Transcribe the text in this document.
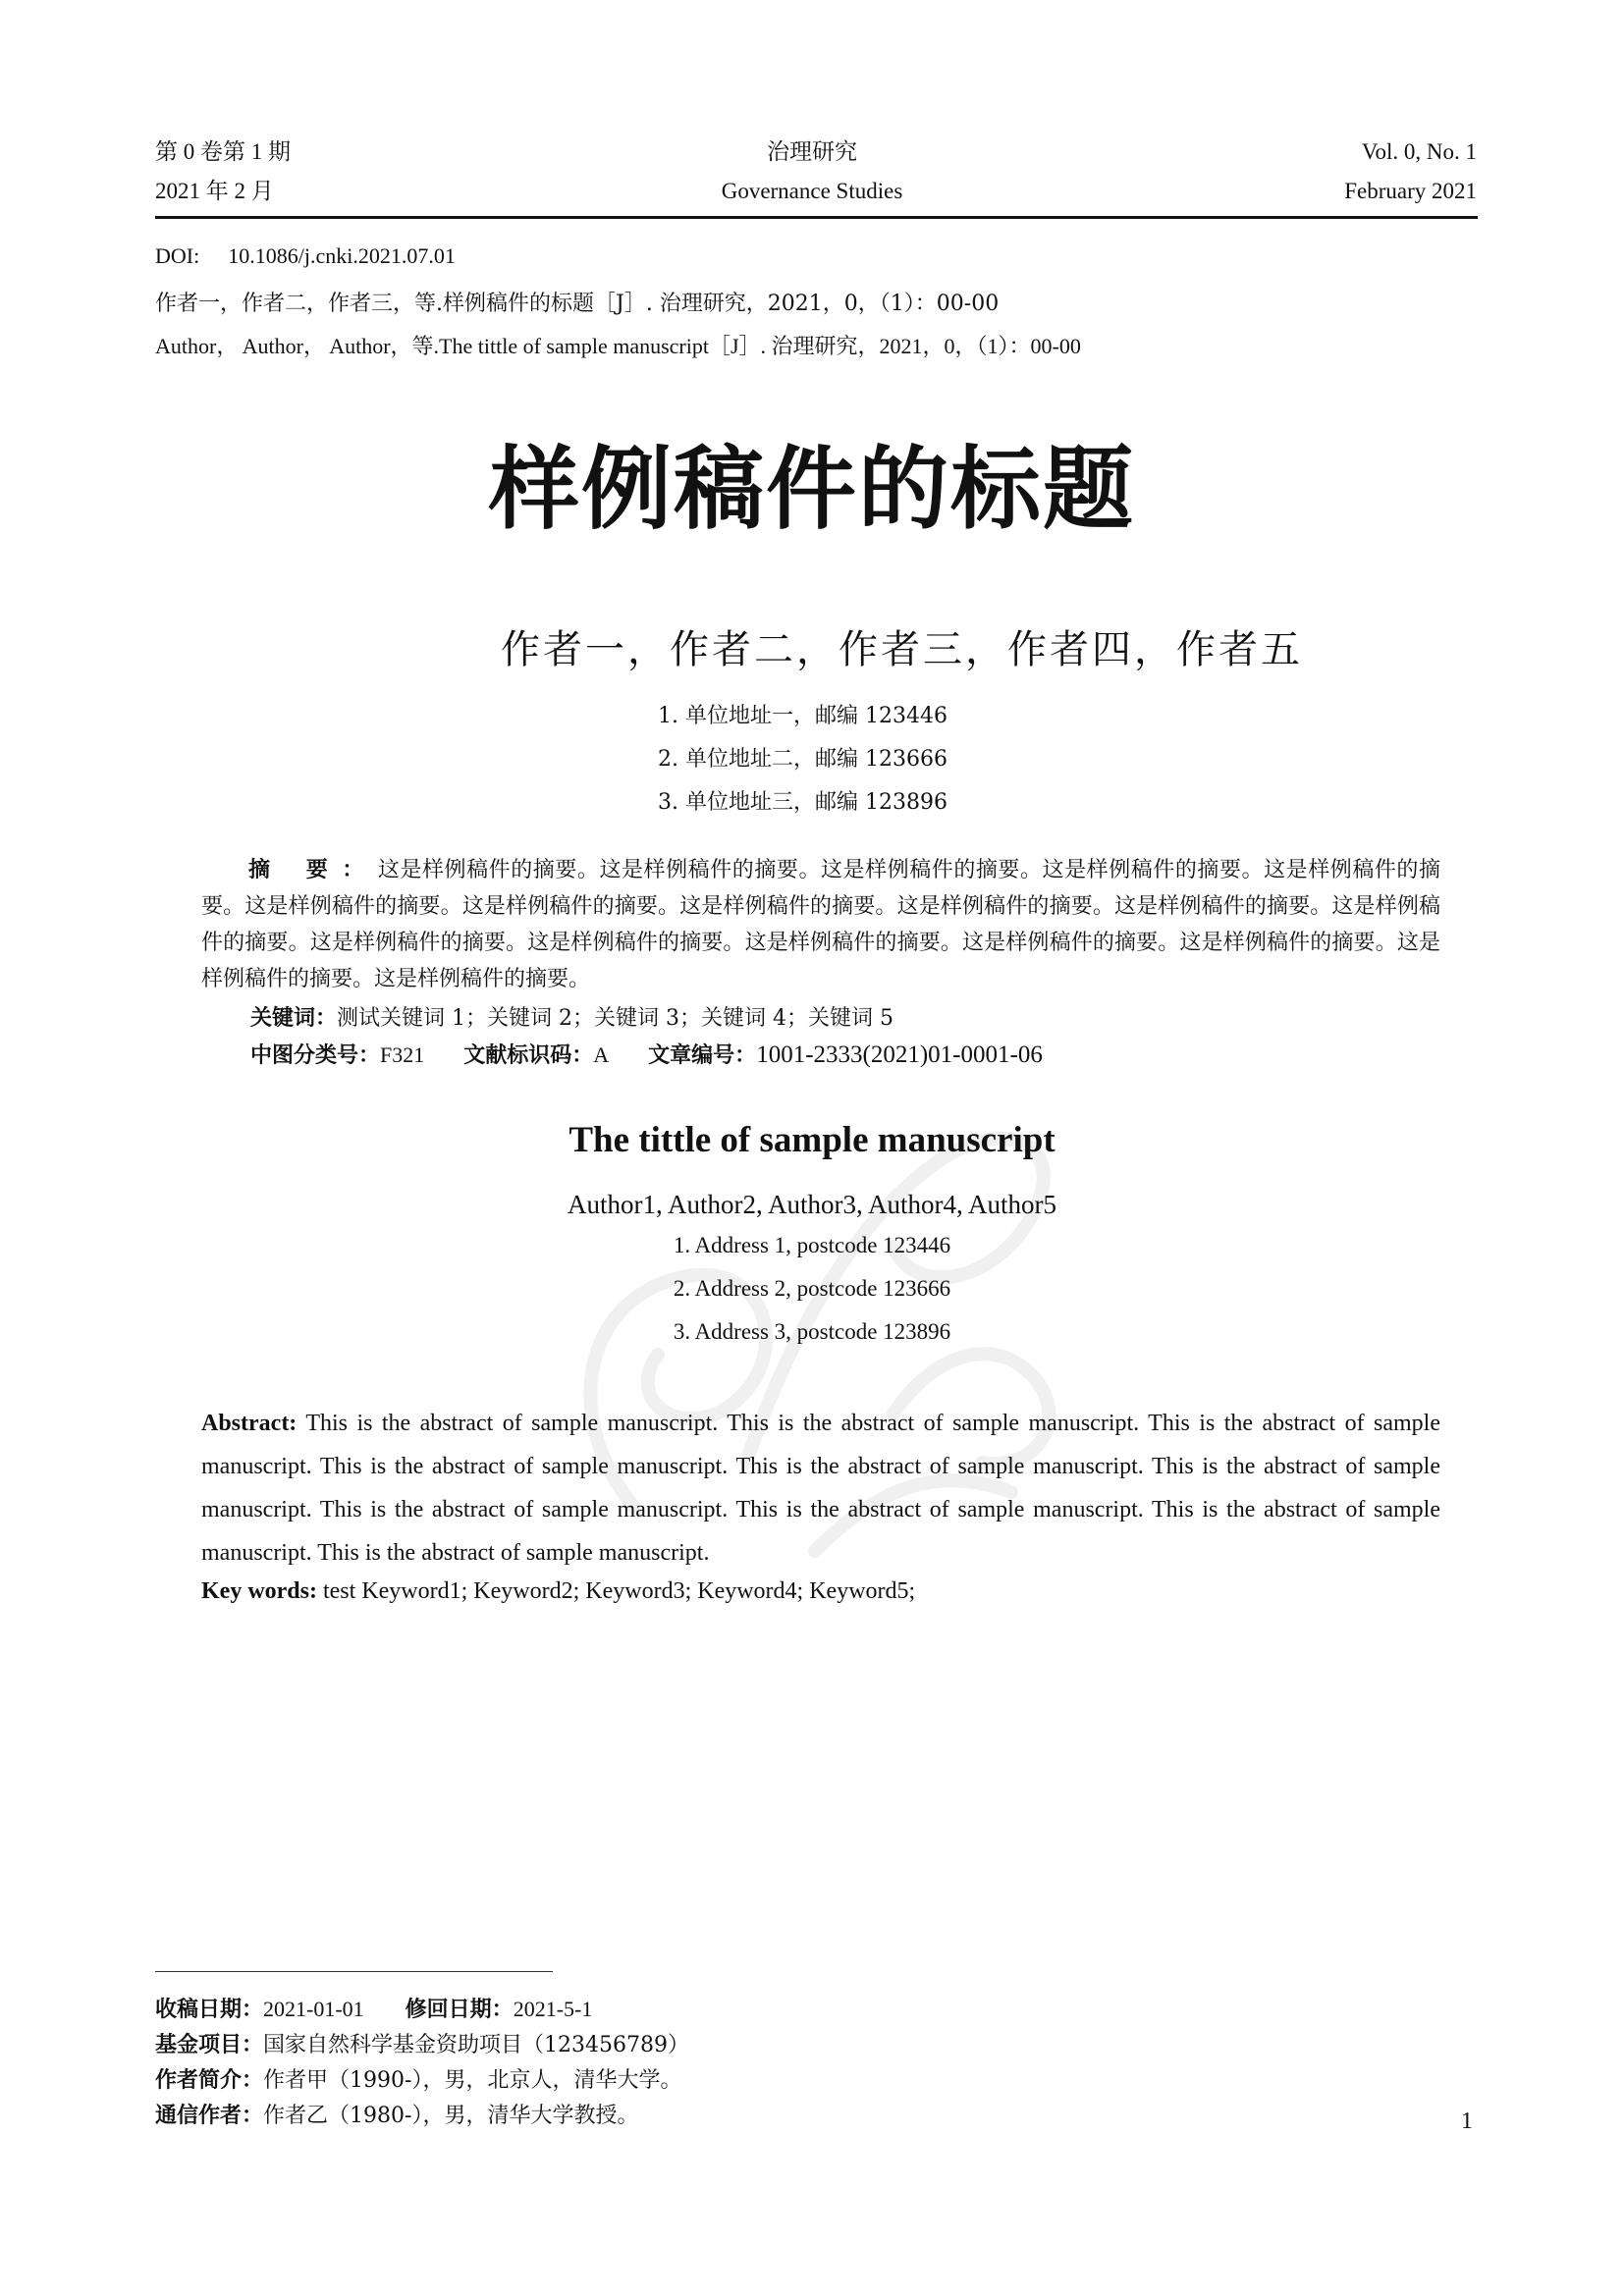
第 0 卷第 1 期
2021 年 2 月
治理研究
Governance Studies
Vol. 0, No. 1
February 2021
DOI: 10.1086/j.cnki.2021.07.01
作者一，作者二，作者三，等.样例稿件的标题［J］. 治理研究，2021，0，（1）：00-00
Author， Author， Author，等.The tittle of sample manuscript［J］. 治理研究，2021，0，（1）：00-00
样例稿件的标题
作者一，作者二，作者三，作者四，作者五
1. 单位地址一，邮编 123446
2. 单位地址二，邮编 123666
3. 单位地址三，邮编 123896
摘 要：这是样例稿件的摘要。这是样例稿件的摘要。这是样例稿件的摘要。这是样例稿件的摘要。这是样例稿件的摘要。这是样例稿件的摘要。这是样例稿件的摘要。这是样例稿件的摘要。这是样例稿件的摘要。这是样例稿件的摘要。这是样例稿件的摘要。这是样例稿件的摘要。这是样例稿件的摘要。这是样例稿件的摘要。这是样例稿件的摘要。这是样例稿件的摘要。这是样例稿件的摘要。这是样例稿件的摘要。
关键词：测试关键词 1；关键词 2；关键词 3；关键词 4；关键词 5
中图分类号：F321 文献标识码：A 文章编号：1001-2333(2021)01-0001-06
The tittle of sample manuscript
Author1, Author2, Author3, Author4, Author5
1. Address 1, postcode 123446
2. Address 2, postcode 123666
3. Address 3, postcode 123896
Abstract: This is the abstract of sample manuscript. This is the abstract of sample manuscript. This is the abstract of sample manuscript. This is the abstract of sample manuscript. This is the abstract of sample manuscript. This is the abstract of sample manuscript. This is the abstract of sample manuscript. This is the abstract of sample manuscript. This is the abstract of sample manuscript. This is the abstract of sample manuscript.
Key words: test Keyword1; Keyword2; Keyword3; Keyword4; Keyword5;
收稿日期：2021-01-01 修回日期：2021-5-1
基金项目：国家自然科学基金资助项目（123456789）
作者简介：作者甲（1990-），男，北京人，清华大学。
通信作者：作者乙（1980-），男，清华大学教授。	1
